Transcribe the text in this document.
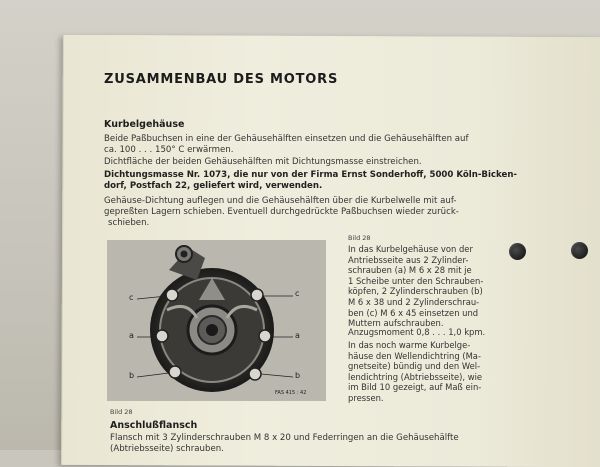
ZUSAMMENBAU DES MOTORS
Kurbelgehäuse
Beide Paßbuchsen in eine der Gehäusehälften einsetzen und die Gehäusehälften auf
ca. 100 . . . 150° C erwärmen.
Dichtfläche der beiden Gehäusehälften mit Dichtungsmasse einstreichen.
Dichtungsmasse Nr. 1073, die nur von der Firma Ernst Sonderhoff, 5000 Köln-Bicken-
dorf, Postfach 22, geliefert wird, verwenden.
Gehäuse-Dichtung auflegen und die Gehäusehälften über die Kurbelwelle mit auf-
gepreßten Lagern schieben. Eventuell durchgedrückte Paßbuchsen wieder zurück-
schieben.
Bild 28
c	c
a	a
b	b
FAS 415 : 42
Bild 28
In das Kurbelgehäuse von der
Antriebsseite aus 2 Zylinder-
schrauben (a) M 6 x 28 mit je
1 Scheibe unter den Schrauben-
köpfen, 2 Zylinderschrauben (b)
M 6 x 38 und 2 Zylinderschrau-
ben (c) M 6 x 45 einsetzen und
Muttern aufschrauben.
Anzugsmoment 0,8 . . . 1,0 kpm.
In das noch warme Kurbelge-
häuse den Wellendichtring (Ma-
gnetseite) bündig und den Wel-
lendichtring (Abtriebsseite), wie
im Bild 10 gezeigt, auf Maß ein-
pressen.
Anschlußflansch
Flansch mit 3 Zylinderschrauben M 8 x 20 und Federringen an die Gehäusehälfte
(Abtriebsseite) schrauben.
